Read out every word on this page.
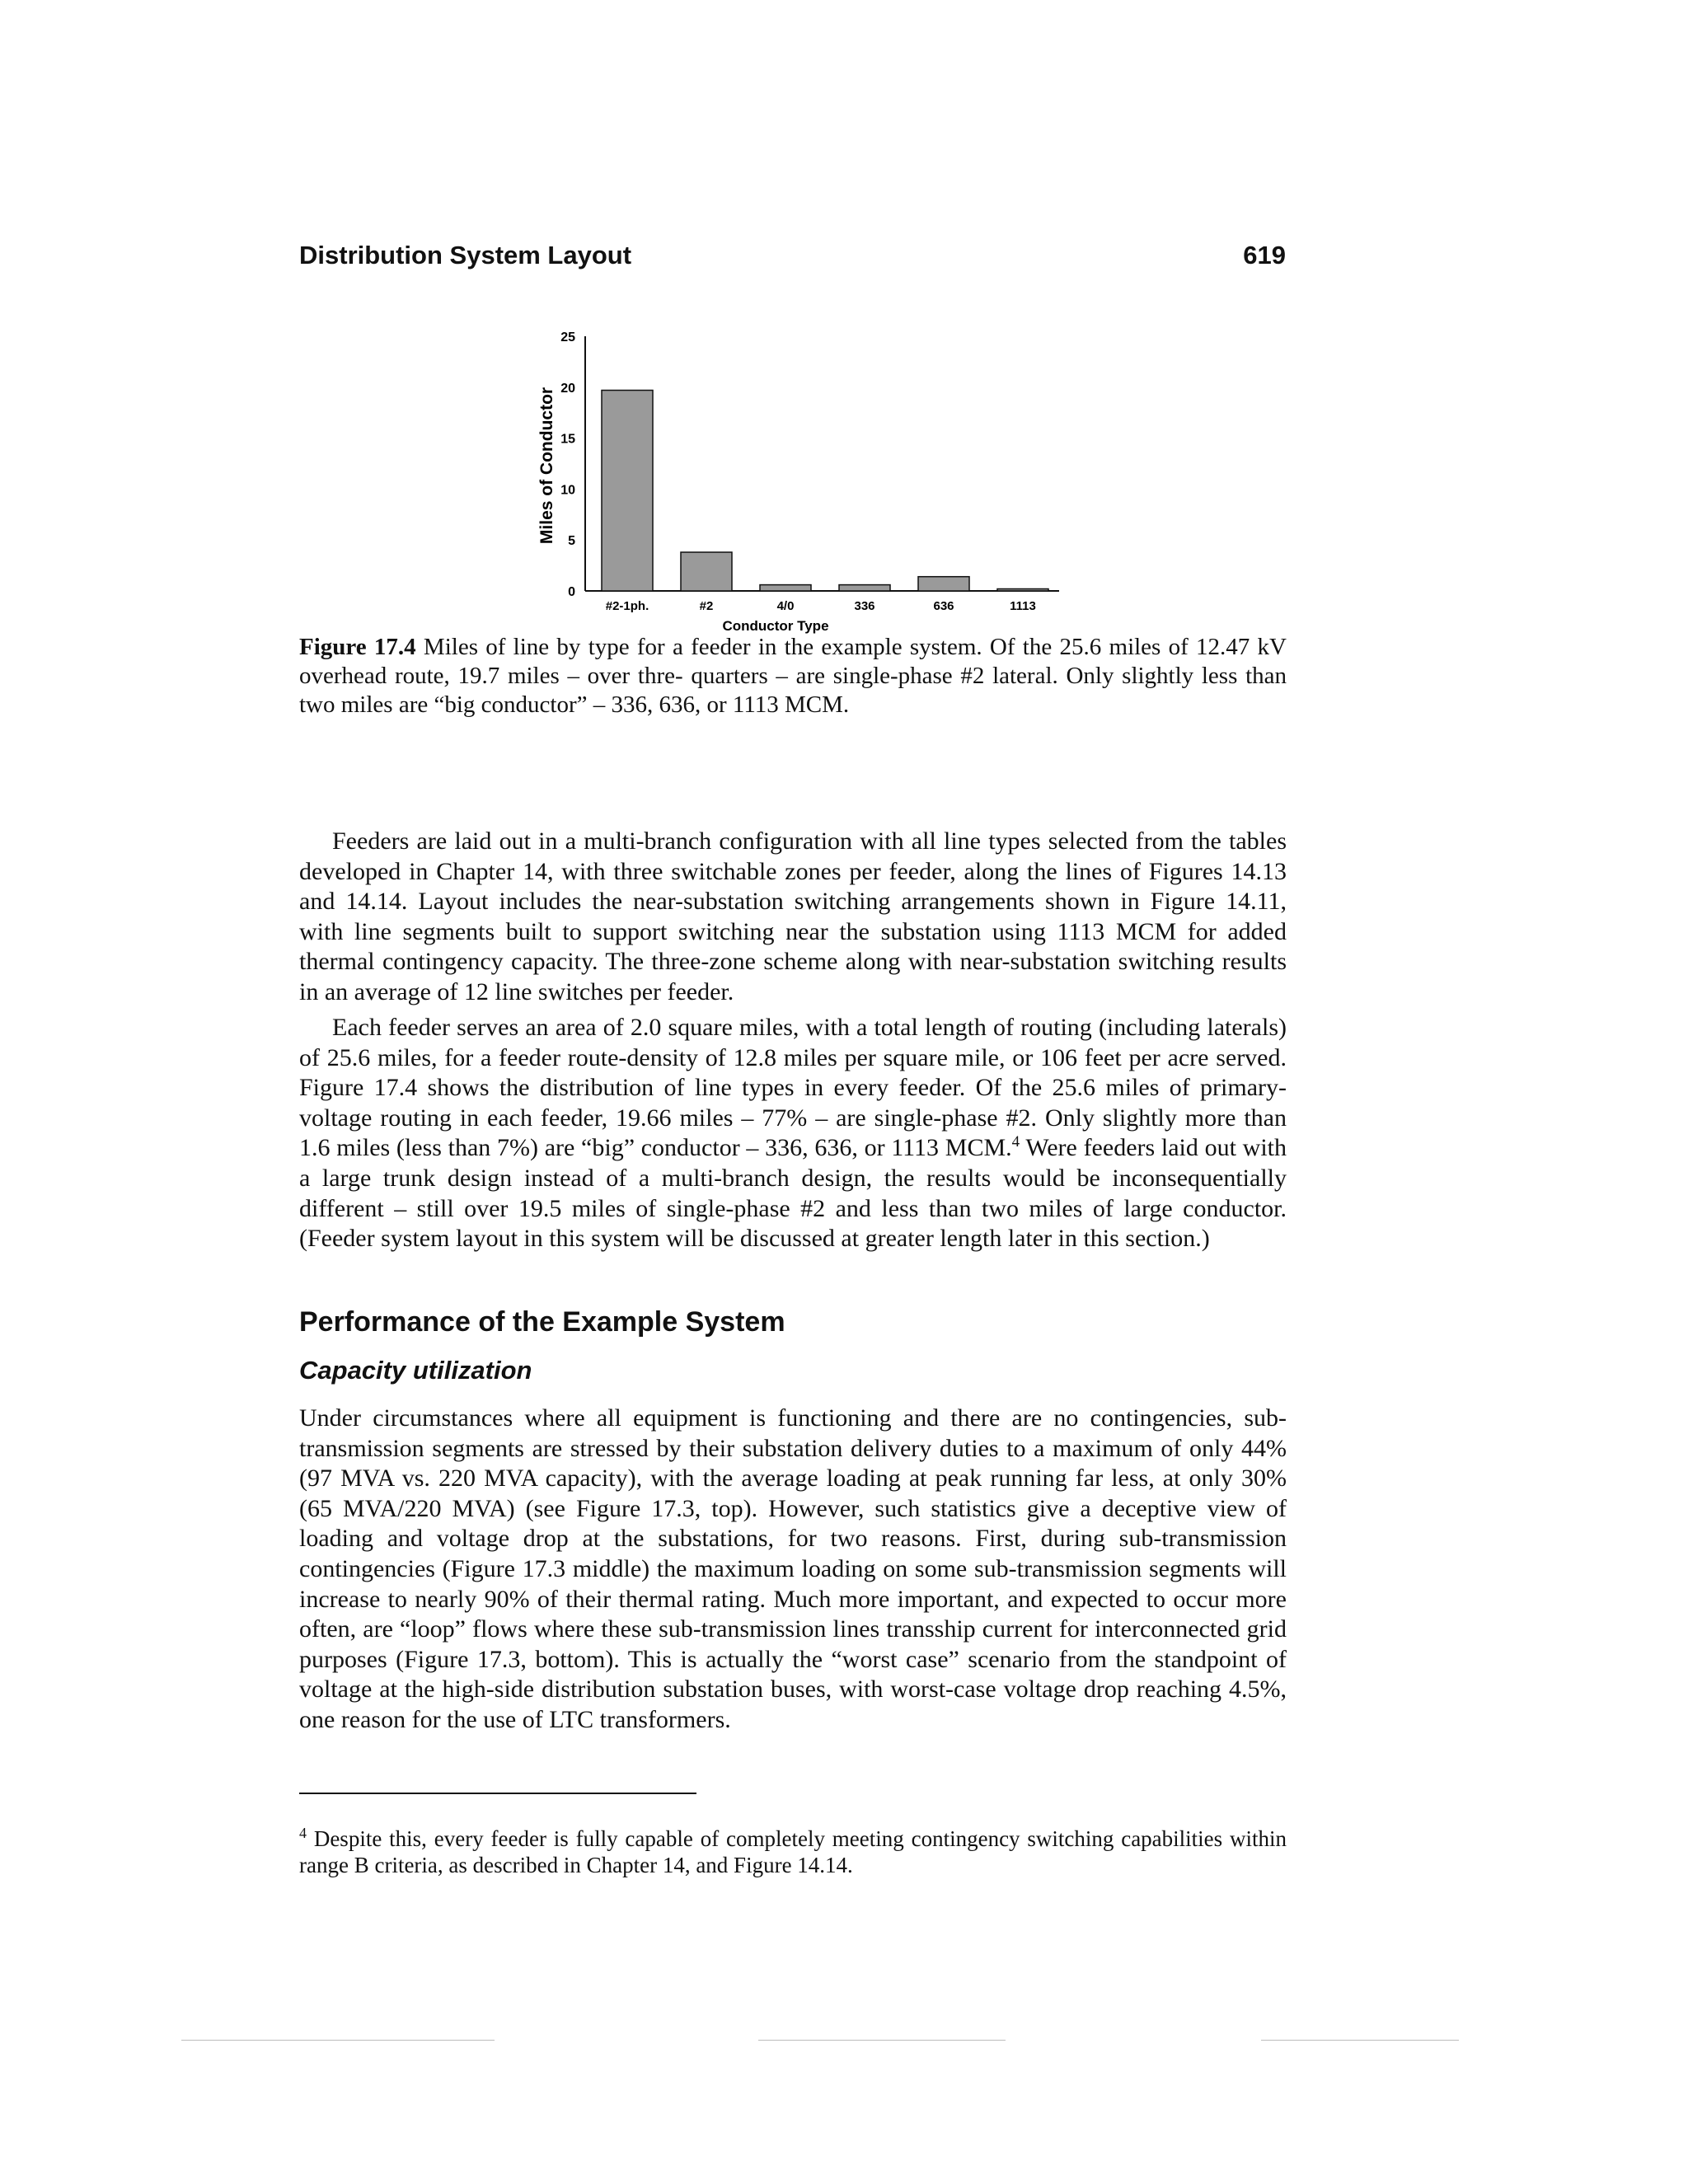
Distribution System Layout	619
0
5
10
15
20
25
#2-1ph.	#2	4/0	336	636	1113
Miles of Conductor
Conductor Type
Figure 17.4 Miles of line by type for a feeder in the example system. Of the 25.6 miles of 12.47 kV overhead route, 19.7 miles – over thre- quarters – are single-phase #2 lateral. Only slightly less than two miles are “big conductor” – 336, 636, or 1113 MCM.

Feeders are laid out in a multi-branch configuration with all line types selected from the tables developed in Chapter 14, with three switchable zones per feeder, along the lines of Figures 14.13 and 14.14. Layout includes the near-substation switching arrangements shown in Figure 14.11, with line segments built to support switching near the substation using 1113 MCM for added thermal contingency capacity. The three-zone scheme along with near-substation switching results in an average of 12 line switches per feeder.

Each feeder serves an area of 2.0 square miles, with a total length of routing (including laterals) of 25.6 miles, for a feeder route-density of 12.8 miles per square mile, or 106 feet per acre served. Figure 17.4 shows the distribution of line types in every feeder. Of the 25.6 miles of primary-voltage routing in each feeder, 19.66 miles – 77% – are single-phase #2. Only slightly more than 1.6 miles (less than 7%) are “big” conductor – 336, 636, or 1113 MCM.$^4$ Were feeders laid out with a large trunk design instead of a multi-branch design, the results would be inconsequentially different – still over 19.5 miles of single-phase #2 and less than two miles of large conductor. (Feeder system layout in this system will be discussed at greater length later in this section.)

Performance of the Example System
Capacity utilization

Under circumstances where all equipment is functioning and there are no contingencies, sub-transmission segments are stressed by their substation delivery duties to a maximum of only 44% (97 MVA vs. 220 MVA capacity), with the average loading at peak running far less, at only 30% (65 MVA/220 MVA) (see Figure 17.3, top). However, such statistics give a deceptive view of loading and voltage drop at the substations, for two reasons. First, during sub-transmission contingencies (Figure 17.3 middle) the maximum loading on some sub-transmission segments will increase to nearly 90% of their thermal rating. Much more important, and expected to occur more often, are “loop” flows where these sub-transmission lines transship current for interconnected grid purposes (Figure 17.3, bottom). This is actually the “worst case” scenario from the standpoint of voltage at the high-side distribution substation buses, with worst-case voltage drop reaching 4.5%, one reason for the use of LTC transformers.

$^4$ Despite this, every feeder is fully capable of completely meeting contingency switching capabilities within range B criteria, as described in Chapter 14, and Figure 14.14.
